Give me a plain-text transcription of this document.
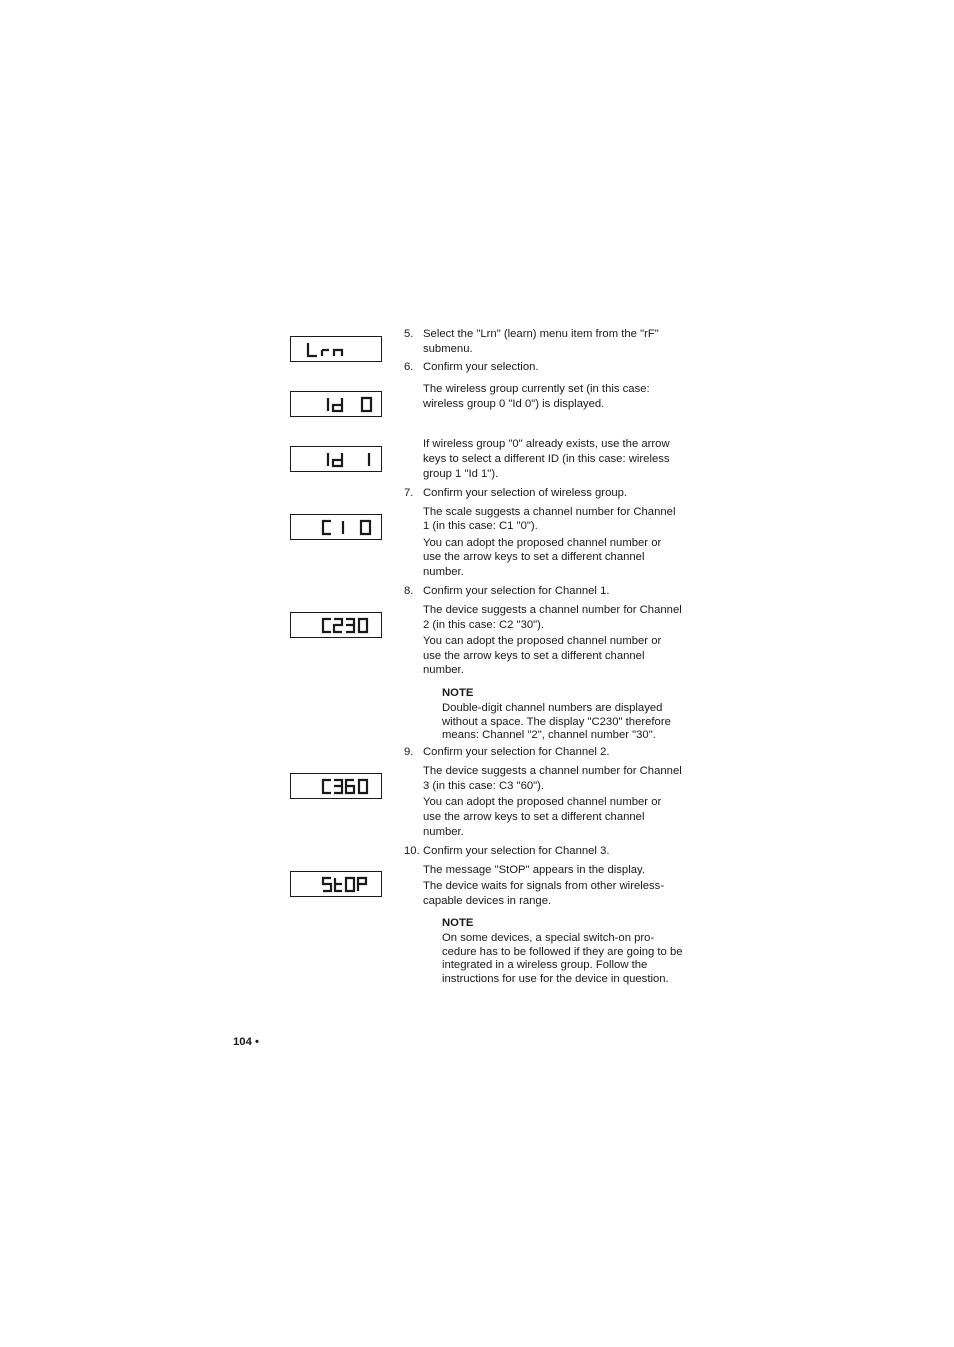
5. Select the "Lrn" (learn) menu item from the "rF"
submenu.
6. Confirm your selection.
The wireless group currently set (in this case:
wireless group 0 "Id 0") is displayed.
If wireless group "0" already exists, use the arrow
keys to select a different ID (in this case: wireless
group 1 "Id 1").
7. Confirm your selection of wireless group.
The scale suggests a channel number for Channel
1 (in this case: C1 "0").
You can adopt the proposed channel number or
use the arrow keys to set a different channel
number.
8. Confirm your selection for Channel 1.
The device suggests a channel number for Channel
2 (in this case: C2 "30").
You can adopt the proposed channel number or
use the arrow keys to set a different channel
number.
NOTE
Double-digit channel numbers are displayed
without a space. The display "C230" therefore
means: Channel "2", channel number "30".
9. Confirm your selection for Channel 2.
The device suggests a channel number for Channel
3 (in this case: C3 "60").
You can adopt the proposed channel number or
use the arrow keys to set a different channel
number.
10. Confirm your selection for Channel 3.
The message "StOP" appears in the display.
The device waits for signals from other wireless-
capable devices in range.
NOTE
On some devices, a special switch-on pro-
cedure has to be followed if they are going to be
integrated in a wireless group. Follow the
instructions for use for the device in question.
104 •
